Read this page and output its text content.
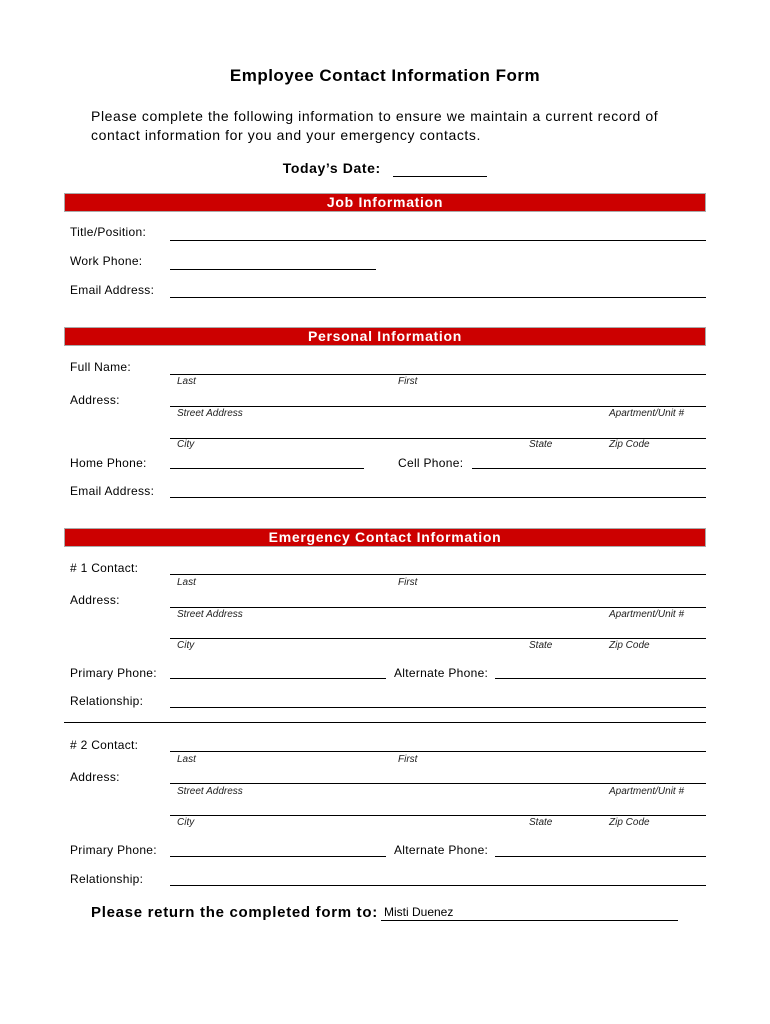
Employee Contact Information Form
Please complete the following information to ensure we maintain a current record of
contact information for you and your emergency contacts.
Today’s Date:
Job Information
Title/Position:
Work Phone:
Email Address:
Personal Information
Full Name:
Last	First
Address:
Street Address	Apartment/Unit #
City	State	Zip Code
Home Phone:	Cell Phone:
Email Address:
Emergency Contact Information
# 1 Contact:
Last	First
Address:
Street Address	Apartment/Unit #
City	State	Zip Code
Primary Phone:	Alternate Phone:
Relationship:
# 2 Contact:
Last	First
Address:
Street Address	Apartment/Unit #
City	State	Zip Code
Primary Phone:	Alternate Phone:
Relationship:
Please return the completed form to: Misti Duenez
